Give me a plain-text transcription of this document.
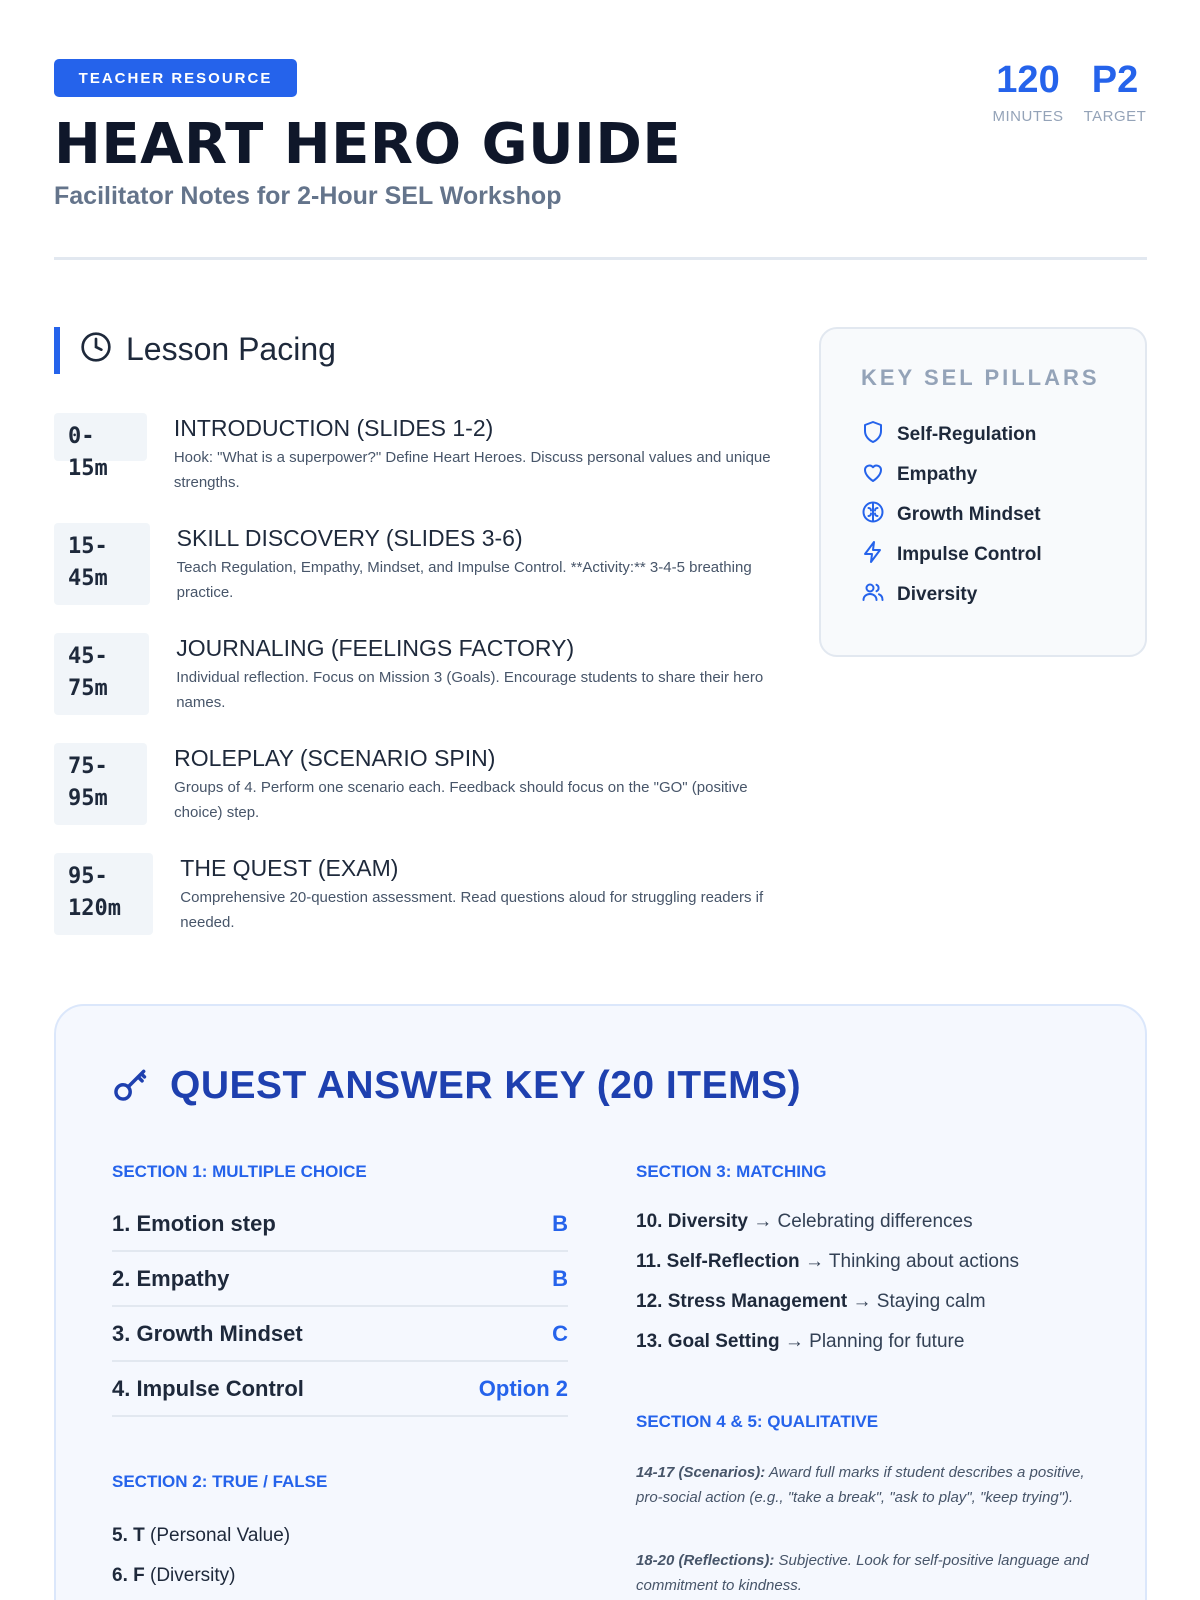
TEACHER RESOURCE
HEART HERO GUIDE
Facilitator Notes for 2-Hour SEL Workshop
120
MINUTES
P2
TARGET
Lesson Pacing
0-15m
INTRODUCTION (SLIDES 1-2)
Hook: "What is a superpower?" Define Heart Heroes. Discuss personal values and unique strengths.
15-45m
SKILL DISCOVERY (SLIDES 3-6)
Teach Regulation, Empathy, Mindset, and Impulse Control. **Activity:** 3-4-5 breathing practice.
45-75m
JOURNALING (FEELINGS FACTORY)
Individual reflection. Focus on Mission 3 (Goals). Encourage students to share their hero names.
75-95m
ROLEPLAY (SCENARIO SPIN)
Groups of 4. Perform one scenario each. Feedback should focus on the "GO" (positive choice) step.
95-120m
THE QUEST (EXAM)
Comprehensive 20-question assessment. Read questions aloud for struggling readers if needed.
KEY SEL PILLARS
Self-Regulation
Empathy
Growth Mindset
Impulse Control
Diversity
QUEST ANSWER KEY (20 ITEMS)
SECTION 1: MULTIPLE CHOICE
1. Emotion step	B
2. Empathy	B
3. Growth Mindset	C
4. Impulse Control	Option 2
SECTION 2: TRUE / FALSE
5. T (Personal Value)
6. F (Diversity)
SECTION 3: MATCHING
10. Diversity → Celebrating differences
11. Self-Reflection → Thinking about actions
12. Stress Management → Staying calm
13. Goal Setting → Planning for future
SECTION 4 & 5: QUALITATIVE
14-17 (Scenarios): Award full marks if student describes a positive, pro-social action (e.g., "take a break", "ask to play", "keep trying").
18-20 (Reflections): Subjective. Look for self-positive language and commitment to kindness.
